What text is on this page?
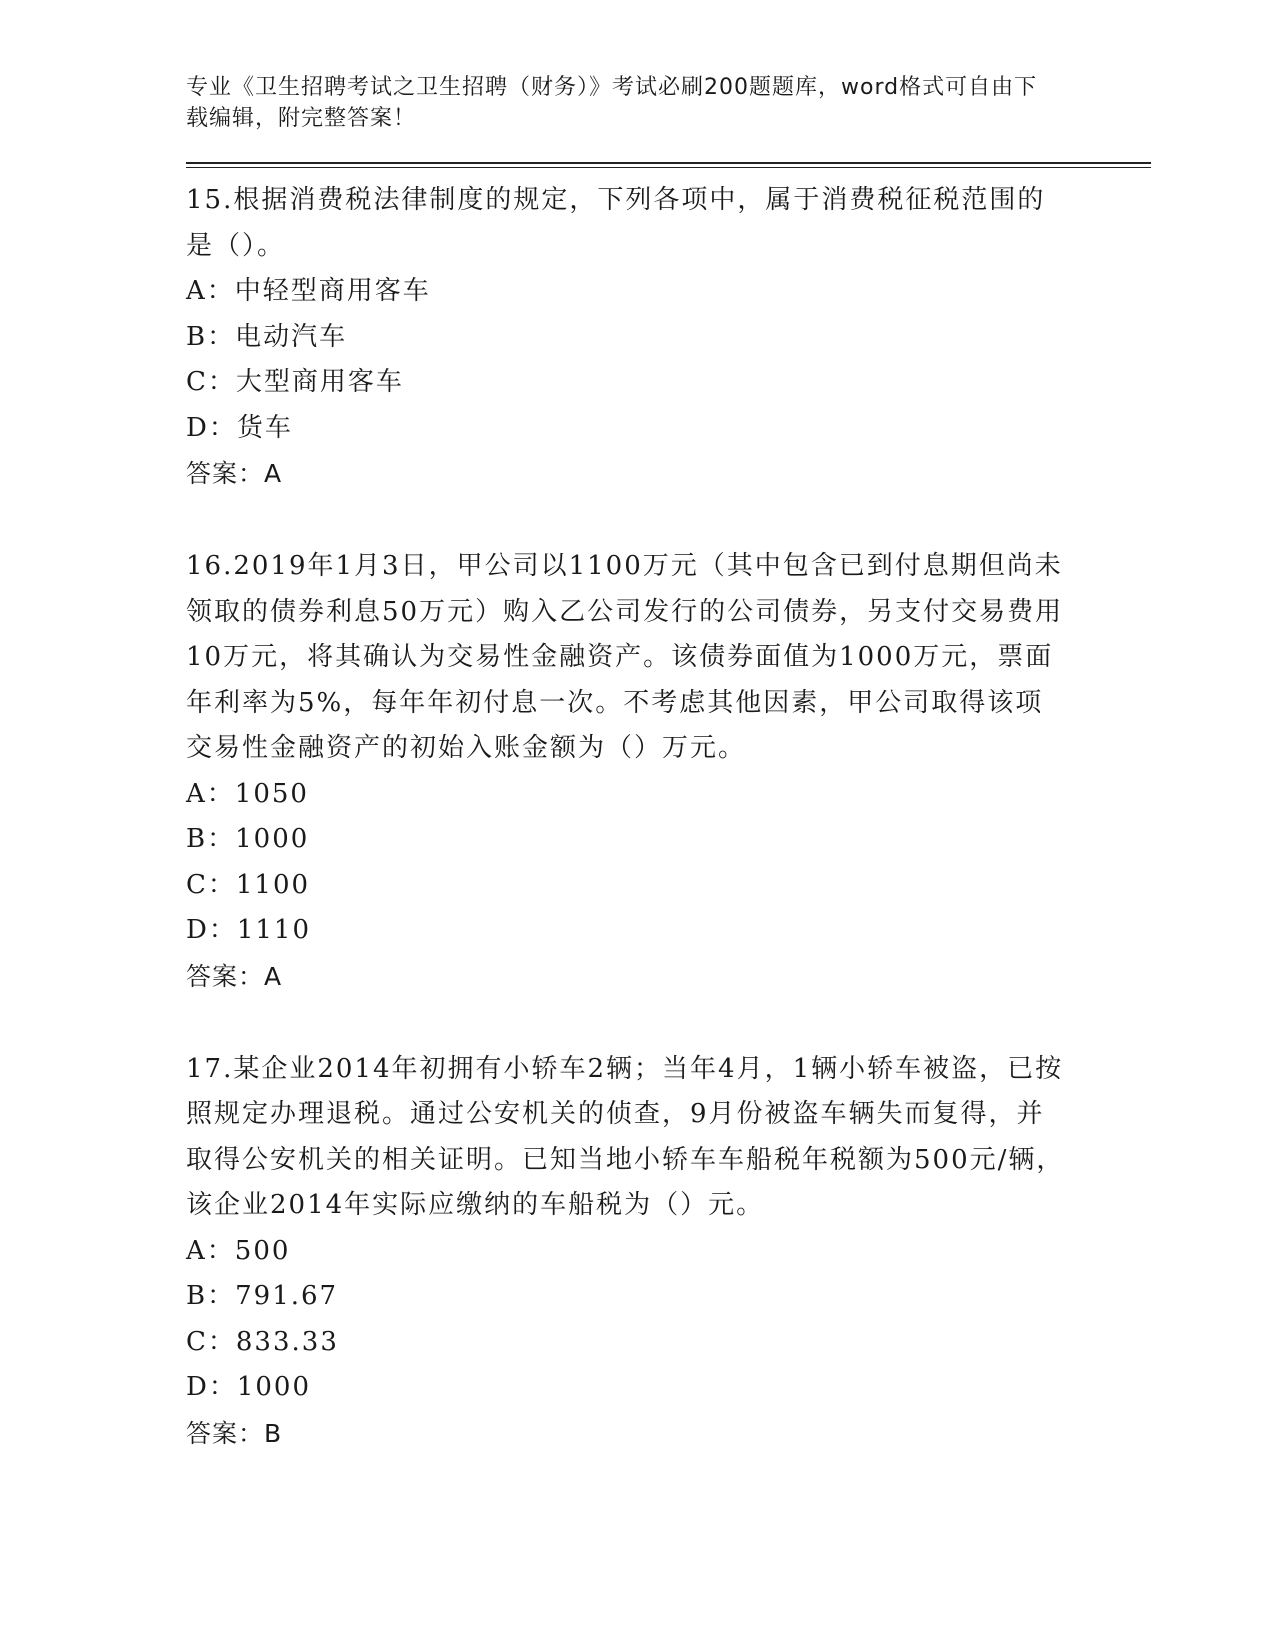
专业《卫生招聘考试之卫生招聘（财务）》考试必刷200题题库，word格式可自由下载编辑，附完整答案！

15.根据消费税法律制度的规定，下列各项中，属于消费税征税范围的是（）。

A：中轻型商用客车

B：电动汽车

C：大型商用客车

D：货车

答案：A

16.2019年1月3日，甲公司以1100万元（其中包含已到付息期但尚未领取的债券利息50万元）购入乙公司发行的公司债券，另支付交易费用10万元，将其确认为交易性金融资产。该债券面值为1000万元，票面年利率为5%，每年年初付息一次。不考虑其他因素，甲公司取得该项交易性金融资产的初始入账金额为（）万元。

A：1050

B：1000

C：1100

D：1110

答案：A

17.某企业2014年初拥有小轿车2辆；当年4月，1辆小轿车被盗，已按照规定办理退税。通过公安机关的侦查，9月份被盗车辆失而复得，并取得公安机关的相关证明。已知当地小轿车车船税年税额为500元/辆，该企业2014年实际应缴纳的车船税为（）元。

A：500

B：791.67

C：833.33

D：1000

答案：B
